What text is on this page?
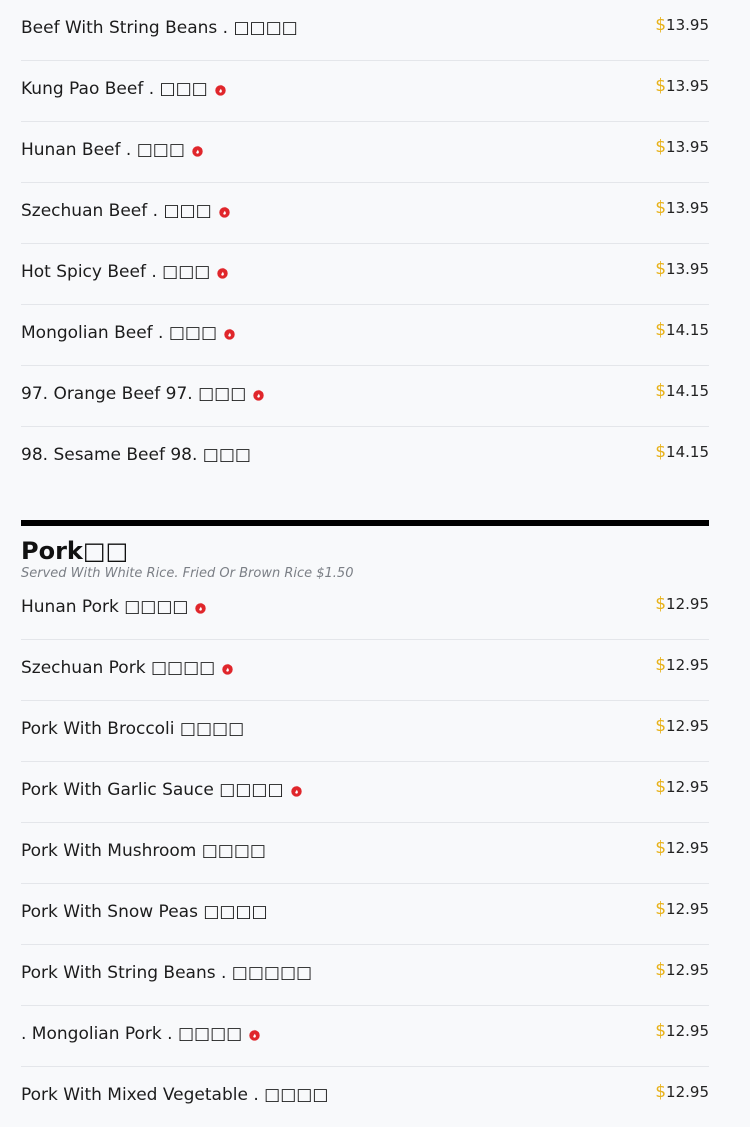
Beef With String Beans . □□□□	$13.95
Kung Pao Beef . □□□	$13.95
Hunan Beef . □□□	$13.95
Szechuan Beef . □□□	$13.95
Hot Spicy Beef . □□□	$13.95
Mongolian Beef . □□□	$14.15
97. Orange Beef 97. □□□	$14.15
98. Sesame Beef 98. □□□	$14.15
Pork□□
Served With White Rice. Fried Or Brown Rice $1.50
Hunan Pork □□□□	$12.95
Szechuan Pork □□□□	$12.95
Pork With Broccoli □□□□	$12.95
Pork With Garlic Sauce □□□□	$12.95
Pork With Mushroom □□□□	$12.95
Pork With Snow Peas □□□□	$12.95
Pork With String Beans . □□□□□	$12.95
. Mongolian Pork . □□□□	$12.95
Pork With Mixed Vegetable . □□□□	$12.95
